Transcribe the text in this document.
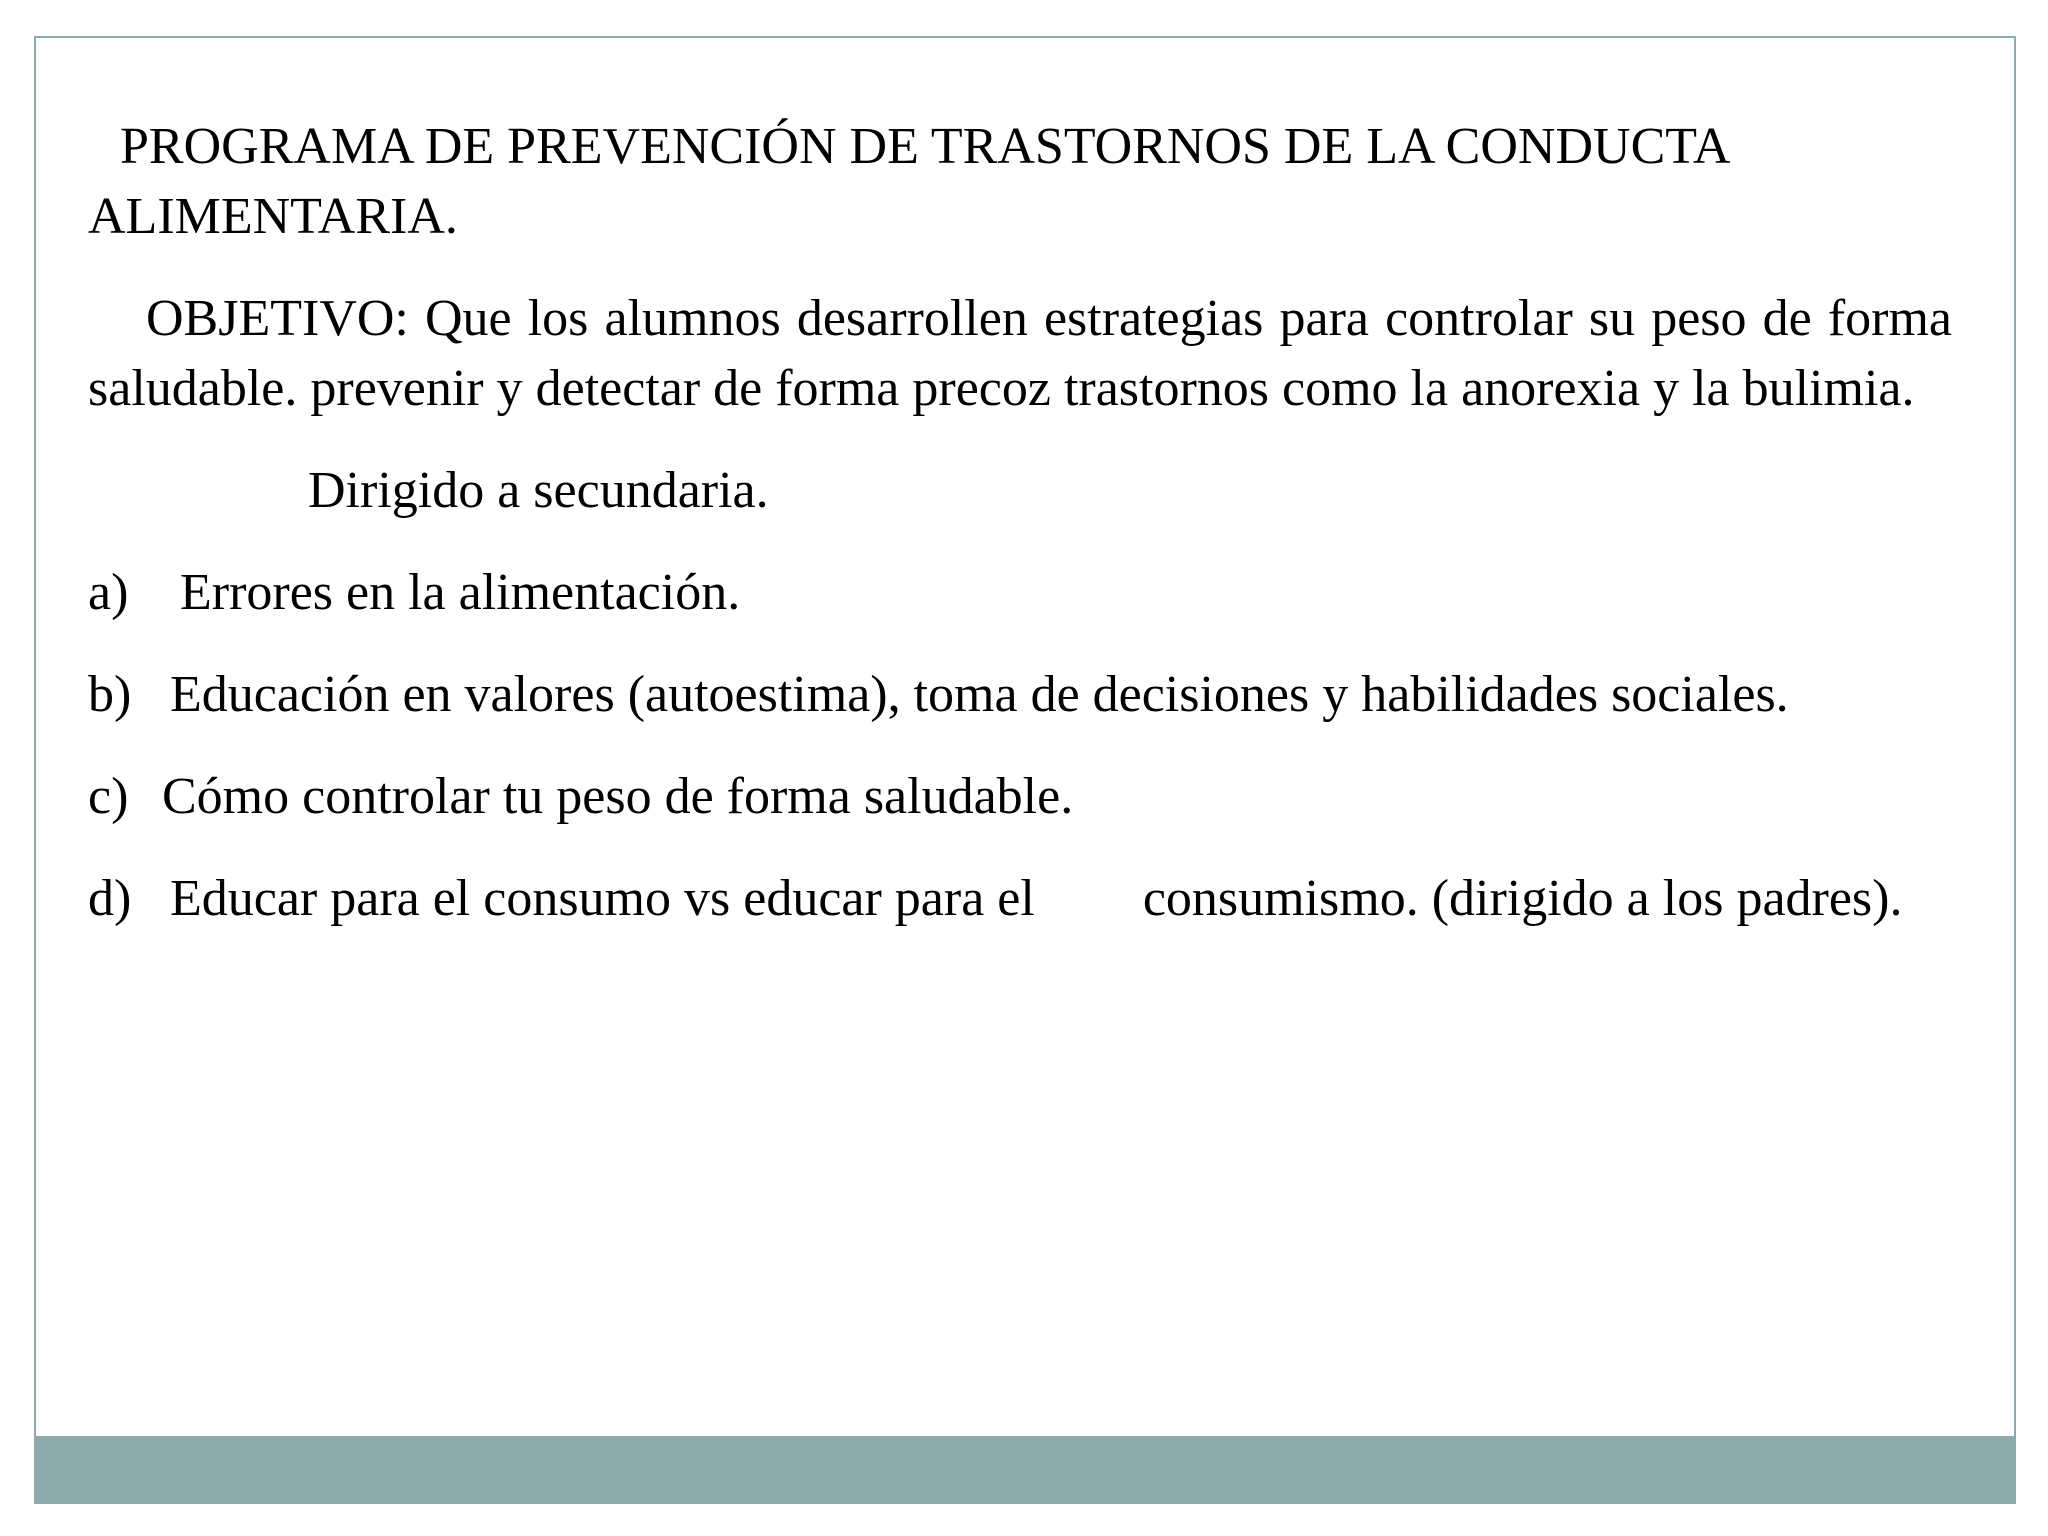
PROGRAMA DE PREVENCIÓN DE TRASTORNOS DE LA CONDUCTA ALIMENTARIA.

OBJETIVO: Que los alumnos desarrollen estrategias para controlar su peso de forma saludable. prevenir y detectar de forma precoz trastornos como la anorexia y la bulimia.

Dirigido a secundaria.

a) Errores en la alimentación.

b) Educación en valores (autoestima), toma de decisiones y habilidades sociales.

c) Cómo controlar tu peso de forma saludable.

d) Educar para el consumo vs educar para el consumismo. (dirigido a los padres).
